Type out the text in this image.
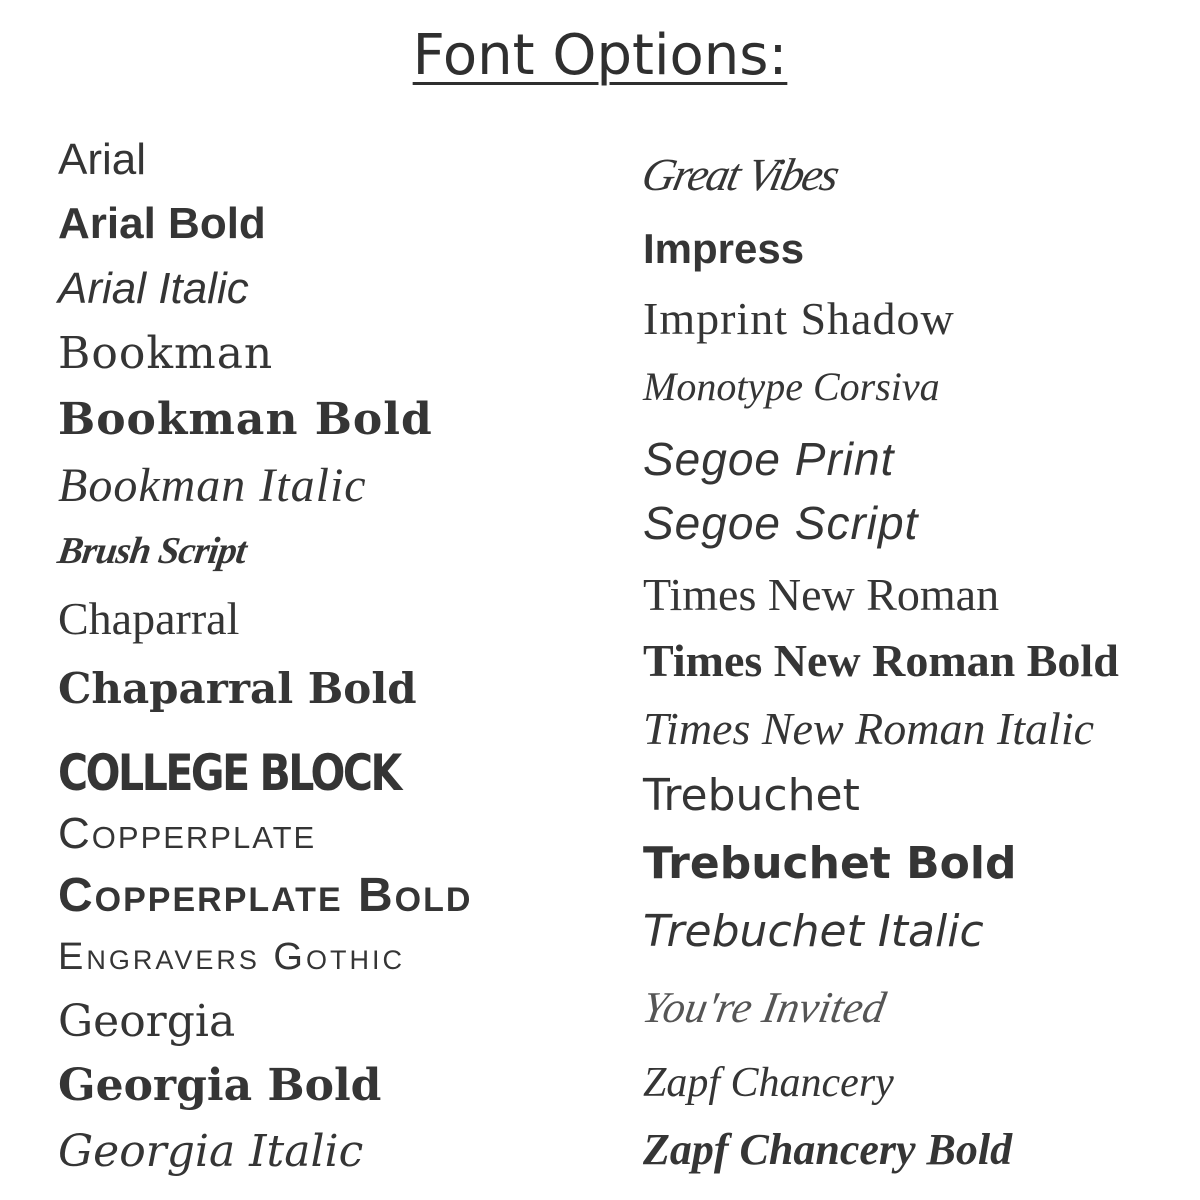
Font Options:
Arial
Arial Bold
Arial Italic
Bookman
Bookman Bold
Bookman Italic
Brush Script
Chaparral
Chaparral Bold
COLLEGE BLOCK
Copperplate
Copperplate Bold
Engravers Gothic
Georgia
Georgia Bold
Georgia Italic
Great Vibes
Impress
Imprint Shadow
Monotype Corsiva
Segoe Print
Segoe Script
Times New Roman
Times New Roman Bold
Times New Roman Italic
Trebuchet
Trebuchet Bold
Trebuchet Italic
You're Invited
Zapf Chancery
Zapf Chancery Bold
